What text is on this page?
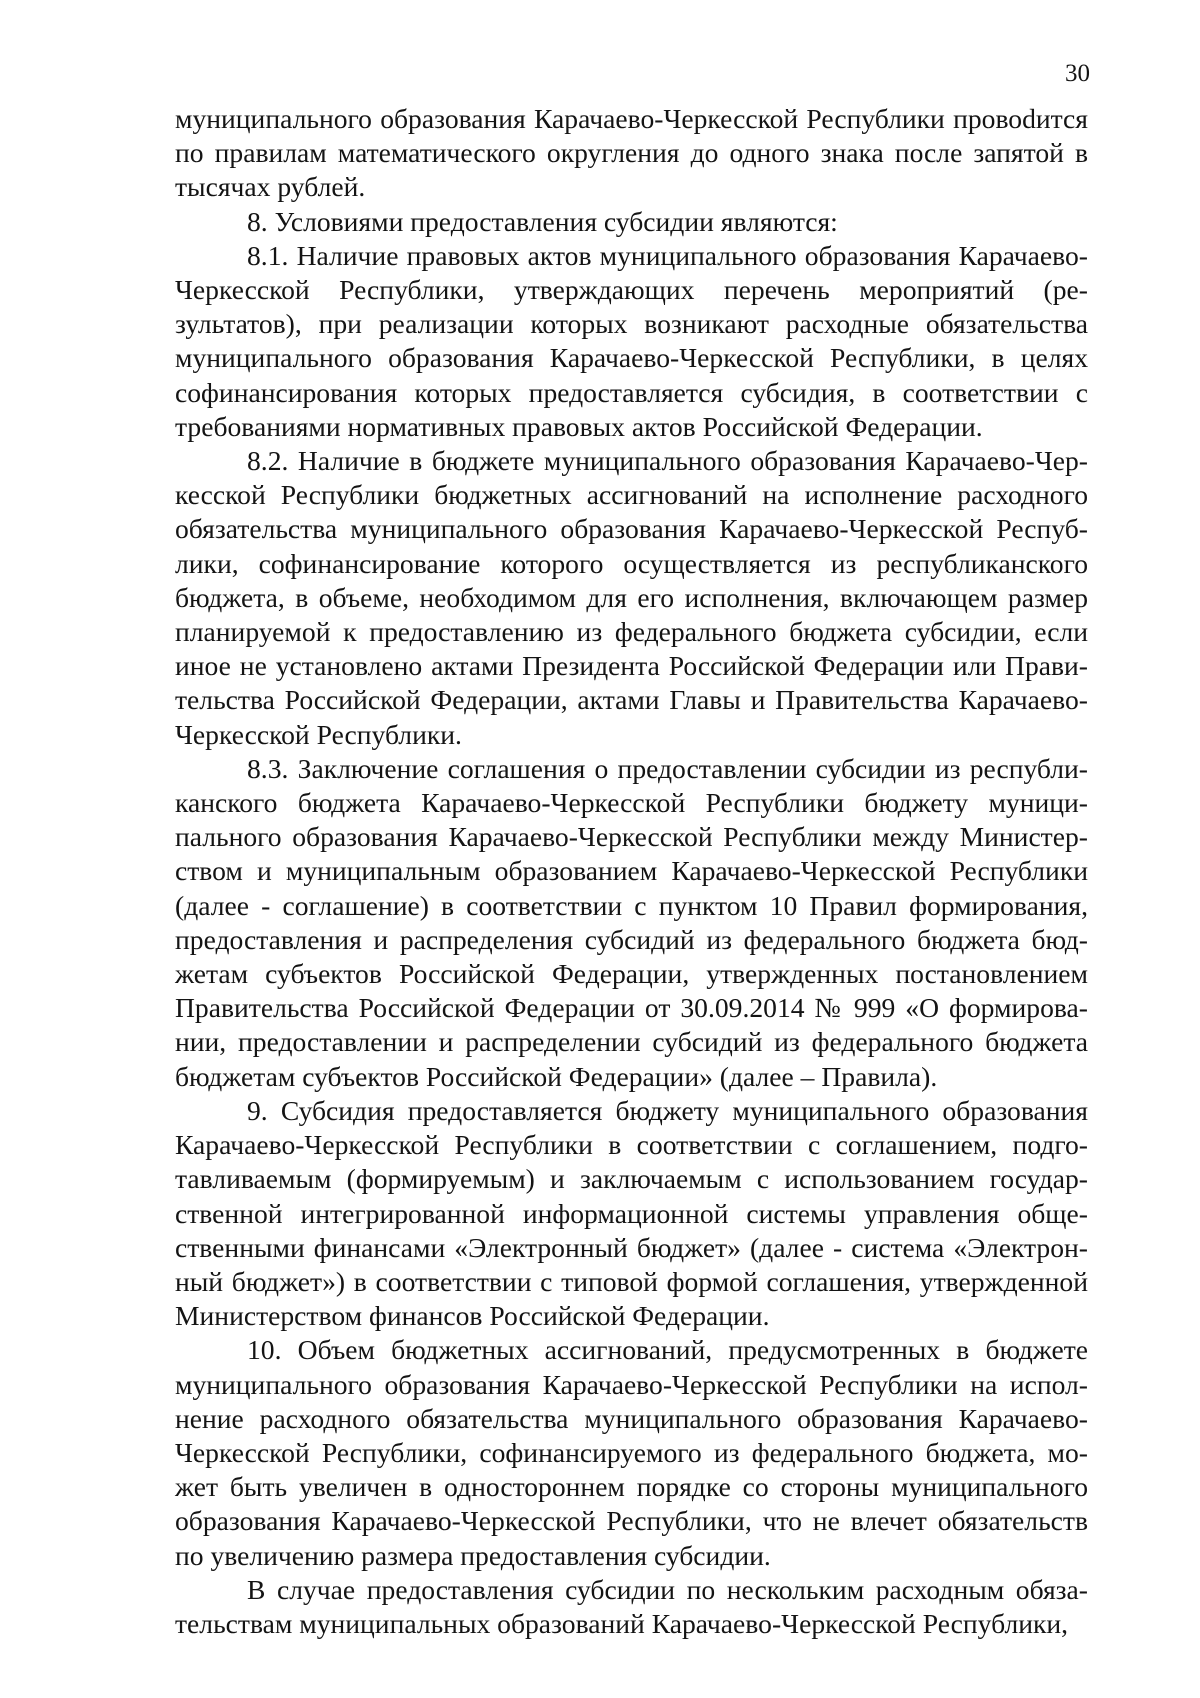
30

муниципального образования Карачаево-Черкесской Республики провоdится по правилам математического округления до одного знака после запятой в тысячах рублей.

8. Условиями предоставления субсидии являются:

8.1. Наличие правовых актов муниципального образования Карачаево-Черкесской Республики, утверждающих перечень мероприятий (результатов), при реализации которых возникают расходные обязательства муниципального образования Карачаево-Черкесской Республики, в целях софинансирования которых предоставляется субсидия, в соответствии с требованиями нормативных правовых актов Российской Федерации.

8.2. Наличие в бюджете муниципального образования Карачаево-Черкесской Республики бюджетных ассигнований на исполнение расходного обязательства муниципального образования Карачаево-Черкесской Республики, софинансирование которого осуществляется из республиканского бюджета, в объеме, необходимом для его исполнения, включающем размер планируемой к предоставлению из федерального бюджета субсидии, если иное не установлено актами Президента Российской Федерации или Правительства Российской Федерации, актами Главы и Правительства Карачаево-Черкесской Республики.

8.3. Заключение соглашения о предоставлении субсидии из республиканского бюджета Карачаево-Черкесской Республики бюджету муниципального образования Карачаево-Черкесской Республики между Министерством и муниципальным образованием Карачаево-Черкесской Республики (далее - соглашение) в соответствии с пунктом 10 Правил формирования, предоставления и распределения субсидий из федерального бюджета бюджетам субъектов Российской Федерации, утвержденных постановлением Правительства Российской Федерации от 30.09.2014 № 999 «О формировании, предоставлении и распределении субсидий из федерального бюджета бюджетам субъектов Российской Федерации» (далее – Правила).

9. Субсидия предоставляется бюджету муниципального образования Карачаево-Черкесской Республики в соответствии с соглашением, подготавливаемым (формируемым) и заключаемым с использованием государственной интегрированной информационной системы управления общественными финансами «Электронный бюджет» (далее - система «Электронный бюджет») в соответствии с типовой формой соглашения, утвержденной Министерством финансов Российской Федерации.

10. Объем бюджетных ассигнований, предусмотренных в бюджете муниципального образования Карачаево-Черкесской Республики на исполнение расходного обязательства муниципального образования Карачаево-Черкесской Республики, софинансируемого из федерального бюджета, может быть увеличен в одностороннем порядке со стороны муниципального образования Карачаево-Черкесской Республики, что не влечет обязательств по увеличению размера предоставления субсидии.

В случае предоставления субсидии по нескольким расходным обязательствам муниципальных образований Карачаево-Черкесской Республики,
